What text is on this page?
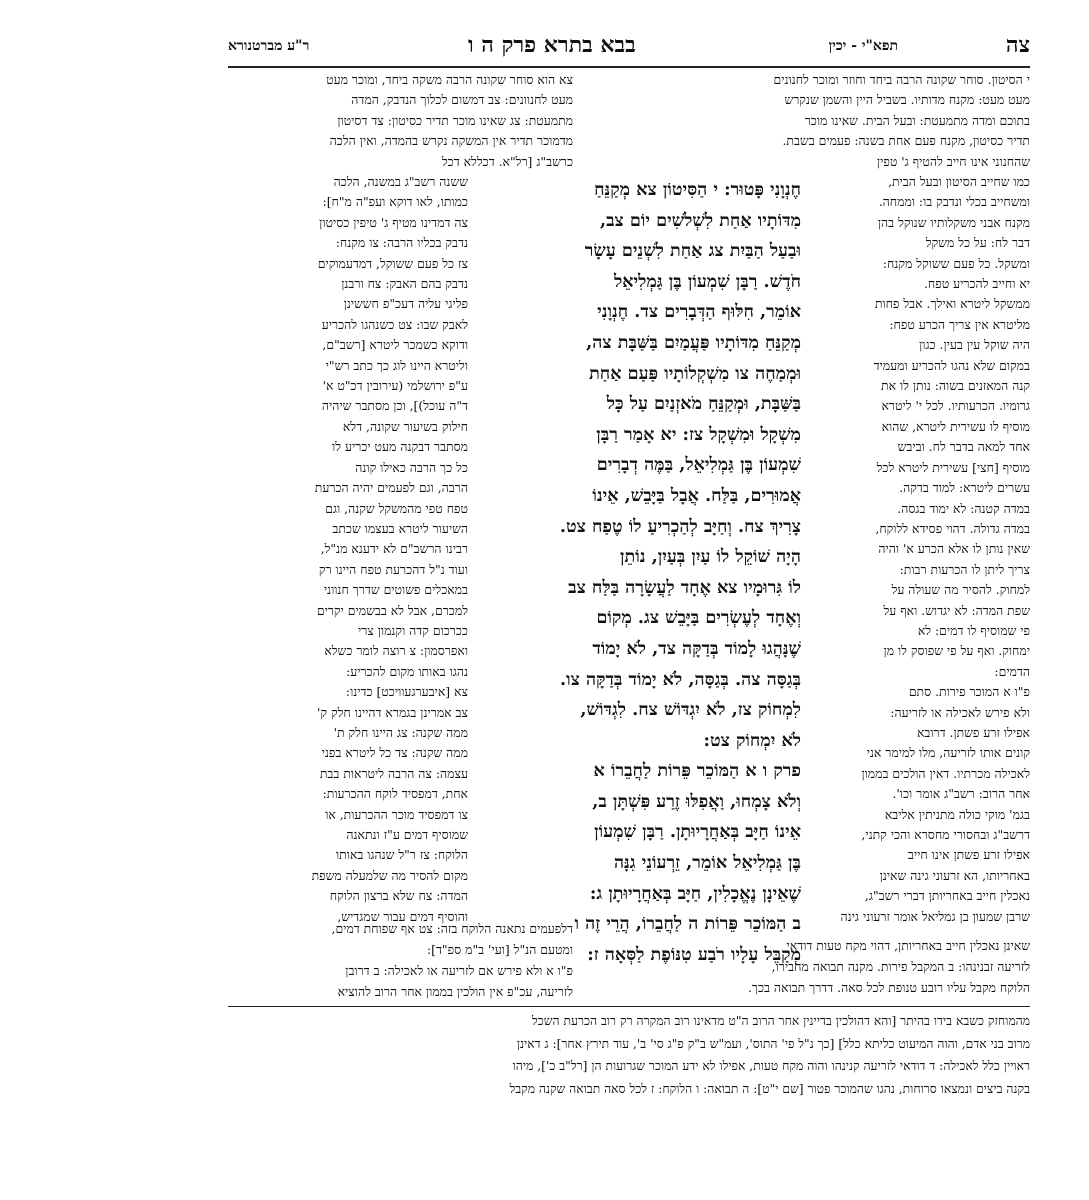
צה
תפא"י - יכין
בבא בתרא פרק ה ו
ר"ע מברטנורא
י הסיטון. סוחר שקונה הרבה ביחד וחוזר ומוכר לחנונים
מעט מעט: מקנח מדותיו. בשביל היין והשמן שנקרש
בתוכם ומדה מתמעטת: ובעל הבית. שאינו מוכר
תדיר כסיטון, מקנח פעם אחת בשנה: פעמים בשבת.
שהחנוני אינו חייב להטיף ג' טפין
צא הוא סוחר שקונה הרבה משקה ביחד, ומוכר מעט
מעט לחנוונים: צב דמשום לכלוך הנדבק, המדה
מתמעטת: צג שאינו מוכר תדיר כסיטון: צד דסיטון
מדמוכר תדיר אין המשקה נקרש בהמדה, ואין הלכה
כרשב"ג [רל"א. דכללא דכל
כמו שחייב הסיטון ובעל הבית,
ומשחייב בכלי ונדבק בו: וממחה.
מקנח אבני משקלותיו שנוקל בהן
דבר לח: על כל משקל
ומשקל. כל פעם ששוקל מקנח:
יא וחייב להכריע טפח.
ממשקל ליטרא ואילך. אבל פחות
מליטרא אין צריך הכרע טפח:
היה שוקל עין בעין. כגון
במקום שלא נהגו להכריע ומעמיד
קנה המאזנים בשוה: נותן לו את
גרומיו. הכרעותיו. לכל י' ליטרא
מוסיף לו עשירית ליטרא, שהוא
אחד למאה בדבר לח. וביבש
מוסיף [חצי] עשירית ליטרא לכל
עשרים ליטרא: למוד בדקה.
במדה קטנה: לא ימוד בגסה.
במדה גדולה. דהוי פסידא ללוקח,
שאין נותן לו אלא הכרע א' והיה
צריך ליתן לו הכרעות רבות:
למחוק. להסיר מה שעולה על
שפת המדה: לא יגדוש. ואף על
פי שמוסיף לו דמים: לא
ימחוק. ואף על פי שפוסק לו מן
הדמים:
פ"ו א המוכר פירות. סתם
ולא פירש לאכילה או לזריעה:
אפילו זרע פשתן. דרובא
קונים אותו לזריעה, מלו למימר אני
לאכילה מכרתיו. דאין הולכים בממון
אחר הרוב: רשב"ג אומר וכו'.
בגמ' מוקי כולה מתניתין אליבא
דרשב"ג ובחסורי מחסרא והכי קתני,
אפילו זרע פשתן אינו חייב
באחריותו, הא זרעוני גינה שאינן
נאכלין חייב באחריותן דברי רשב"ג,
שרבן שמעון בן גמליאל אומר זרעוני גינה
חֶנְוָנִי פָּטוּר: י הַסִּיטוֹן צא מְקַנֵּחַ
מִדּוֹתָיו אַחַת לִשְׁלֹשִׁים יוֹם צב,
וּבַעַל הַבַּיִת צג אַחַת לִשְׁנֵים עָשָׂר
חֹדֶשׁ. רַבָּן שִׁמְעוֹן בֶּן גַּמְלִיאֵל
אוֹמֵר, חִלּוּף הַדְּבָרִים צד. חֶנְוָנִי
מְקַנֵּחַ מִדּוֹתָיו פַּעֲמַיִם בַּשַּׁבָּת צה,
וּמְמַחֶה צו מִשְׁקְלוֹתָיו פַּעַם אַחַת
בַּשַּׁבָּת, וּמְקַנֵּחַ מֹאזְנַיִם עַל כָּל
מִשְׁקָל וּמִשְׁקָל צז: יא אָמַר רַבָּן
שִׁמְעוֹן בֶּן גַּמְלִיאֵל, בַּמֶּה דְבָרִים
אֲמוּרִים, בַּלַּח. אֲבָל בַּיָּבֵשׁ, אֵינוֹ
צָרִיךְ צח. וְחַיָּב לְהַכְרִיעַ לוֹ טֶפַח צט.
הָיָה שׁוֹקֵל לוֹ עַיִן בְּעַיִן, נוֹתֵן
לוֹ גִּרוּמָיו צא אֶחָד לַעֲשָׂרָה בַּלַּח צב
וְאֶחָד לְעֶשְׂרִים בַּיָּבֵשׁ צג. מְקוֹם
שֶׁנָּהֲגוּ לָמוֹד בְּדַקָּה צד, לֹא יָמוֹד
בְּגַסָּה צה. בְּגַסָּה, לֹא יָמוֹד בְּדַקָּה צו.
לִמְחוֹק צז, לֹא יִגְדּוֹשׁ צח. לִגְדּוֹשׁ,
לֹא יִמְחוֹק צט:
פרק ו א הַמּוֹכֵר פֵּרוֹת לַחֲבֵרוֹ א
וְלֹא צָמְחוּ, וַאֲפִלּוּ זֶרַע פִּשְׁתָּן ב,
אֵינוֹ חַיָּב בְּאַחֲרָיוּתָן. רַבָּן שִׁמְעוֹן
בֶּן גַּמְלִיאֵל אוֹמֵר, זֵרְעוֹנֵי גִנָּה
שֶׁאֵינָן נֶאֱכָלִין, חַיָּב בְּאַחֲרָיוּתָן ג:
ב הַמּוֹכֵר פֵּרוֹת ה לַחֲבֵרוֹ, הֲרֵי זֶה ו
מְקַבֵּל עָלָיו רֹבַע טִנּוֹפֶת לַסְּאָה ז:
ששנה רשב"ג במשנה, הלכה
כמותו, לאו דוקא ועפ"ה מ"ח]:
צה דמדינו מטיף ג' טיפין כסיטון
נדבק בכליו הרבה: צו מקנח:
צז כל פעם ששוקל, דמדעמוקים
נדבק בהם האבק: צח ורבנן
פליגי עליה דעכ"פ חששינן
לאבק שבו: צט כשנהגו להכריע
ודוקא כשמכר ליטרא [רשב"ם,
וליטרא היינו לוג כך כתב רש"י
ע"פ ירושלמי (עירובין דכ"ט א'
ד"ה עוכל)], וכן מסתבר שיהיה
חילוק בשיעור שקונה, דלא
מסתבר דבקנה מעט יכריע לו
כל כך הרבה כאילו קונה
הרבה, וגם לפעמים יהיה הכרעת
טפח טפי מהמשקל שקנה, וגם
השיעור ליטרא בעצמו שכתב
רבינו הרשב"ם לא ידענא מנ"ל,
ועוד נ"ל דהכרעת טפח היינו רק
במאכלים פשוטים שדרך חנווני
למכרם, אבל לא בבשמים יקרים
ככרכום קדה וקנמון צרי
ואפרסמון: צ רוצה לומר כשלא
נהגו באותו מקום להכריע:
צא [איבערגעוויכט] כדינו:
צב אמרינן בגמרא דהיינו חלק ק'
ממה שקנה: צג היינו חלק ת'
ממה שקנה: צד כל ליטרא בפני
עצמה: צה הרבה ליטראות בבת
אחת, דמפסיד לוקח ההכרעות:
צו דמפסיד מוכר ההכרעות, או
שמוסיף דמים ע"ז ונתאנה
הלוקח: צז ר"ל שנהגו באותו
מקום להסיר מה שלמעלה משפת
המדה: צח שלא ברצון הלוקח
והוסיף דמים עבור שמגדיש,
שאינן נאכלין חייב באחריותן, דהוי מקח טעות דודאי
לזריעה זבנינהו: ב המקבל פירות. מקנה תבואה מחבירו,
הלוקח מקבל עליו רובע טנופת לכל סאה. דדרך תבואה בכך.
דלפעמים נתאנה הלוקח בזה: צט אף שפוחת דמים,
ומטעם הנ"ל [ועי' ב"מ ספ"ד]:
פ"ו א ולא פירש אם לזריעה או לאכילה: ב דרובן
לזריעה, עכ"פ אין הולכין בממון אחר הרוב להוציא
מהמוחזק כשבא בידו בהיתר [והא דהולכין בדיינין אחר הרוב ה"ט מדאינו רוב המקרה רק רוב הכרעת השכל
מרוב בני אדם, והוה המיעוט כליתא כלל] [כך נ"ל פי' התוס', ועמ"ש ב"ק פ"ג סי' ב', עוד תירץ אחר]: ג דאינן
ראויין כלל לאכילה: ד דודאי לזריעה קנינהו והוה מקח טעות, אפילו לא ידע המוכר שגרועות הן [רל"ב כ'], מיהו
בקנה ביצים ונמצאו סרוחות, נהגו שהמוכר פטור [שם י"ט]: ה תבואה: ו הלוקח: ז לכל סאה תבואה שקנה מקבל
